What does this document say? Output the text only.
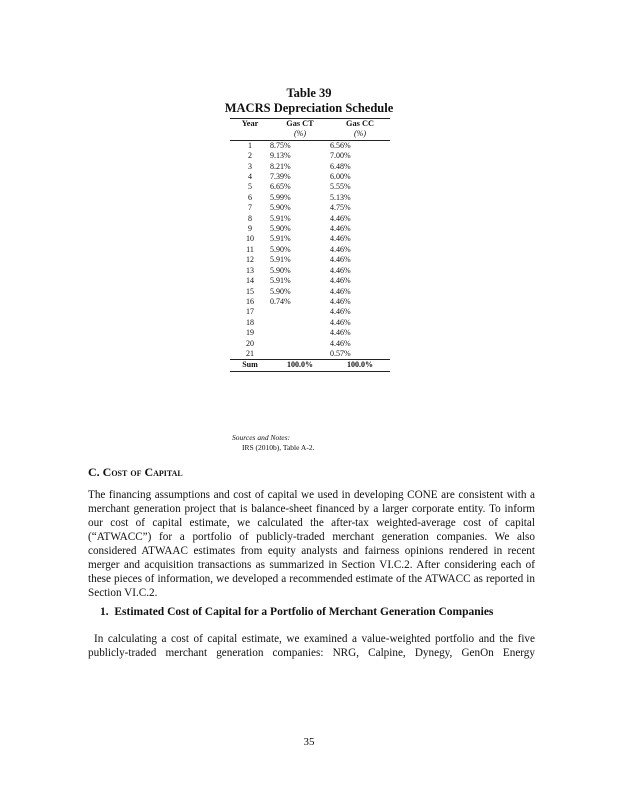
Table 39
MACRS Depreciation Schedule
Year	Gas CT	Gas CC
	(%)	(%)
1	8.75%	6.56%
2	9.13%	7.00%
3	8.21%	6.48%
4	7.39%	6.00%
5	6.65%	5.55%
6	5.99%	5.13%
7	5.90%	4.75%
8	5.91%	4.46%
9	5.90%	4.46%
10	5.91%	4.46%
11	5.90%	4.46%
12	5.91%	4.46%
13	5.90%	4.46%
14	5.91%	4.46%
15	5.90%	4.46%
16	0.74%	4.46%
17		4.46%
18		4.46%
19		4.46%
20		4.46%
21		0.57%
Sum	100.0%	100.0%
Sources and Notes:
IRS (2010b), Table A-2.
C. Cost of Capital
The financing assumptions and cost of capital we used in developing CONE are consistent with a merchant generation project that is balance-sheet financed by a larger corporate entity. To inform our cost of capital estimate, we calculated the after-tax weighted-average cost of capital (“ATWACC”) for a portfolio of publicly-traded merchant generation companies. We also considered ATWAAC estimates from equity analysts and fairness opinions rendered in recent merger and acquisition transactions as summarized in Section VI.C.2. After considering each of these pieces of information, we developed a recommended estimate of the ATWACC as reported in Section VI.C.2.
1. Estimated Cost of Capital for a Portfolio of Merchant Generation Companies
In calculating a cost of capital estimate, we examined a value-weighted portfolio and the five
publicly-traded merchant generation companies: NRG, Calpine, Dynegy, GenOn Energy
35
